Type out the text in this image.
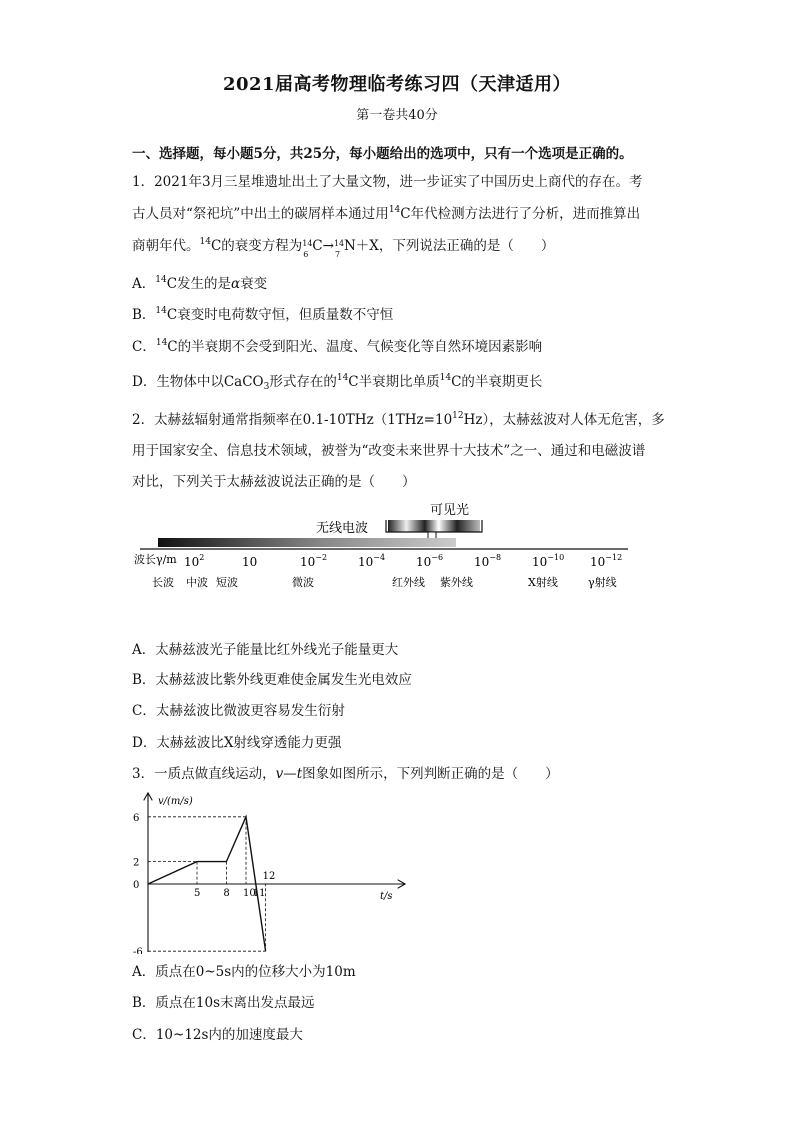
2021届高考物理临考练习四（天津适用）
第一卷共40分
一、选择题，每小题5分，共25分，每小题给出的选项中，只有一个选项是正确的。
1．2021年3月三星堆遗址出土了大量文物，进一步证实了中国历史上商代的存在。考
古人员对“祭祀坑”中出土的碳屑样本通过用$^{14}$C年代检测方法进行了分析，进而推算出
商朝年代。$^{14}$C的衰变方程为 14
6
C→ 14
7
N＋X，下列说法正确的是（　　）
A．$^{14}$C发生的是α衰变
B．$^{14}$C衰变时电荷数守恒，但质量数不守恒
C．$^{14}$C的半衰期不会受到阳光、温度、气候变化等自然环境因素影响
D．生物体中以CaCO$_3$形式存在的$^{14}$C半衰期比单质$^{14}$C的半衰期更长
2．太赫兹辐射通常指频率在$0.1-10THz(1THz=10^{12}Hz)$，太赫兹波对人体无危害，多
用于国家安全、信息技术领域，被誉为“改变未来世界十大技术”之一、通过和电磁波谱
对比，下列关于太赫兹波说法正确的是（　　）
可见光
无线电波
波长γ/m $10^2$	10	$10^{-2}$	$10^{-4}$	$10^{-6}$	$10^{-8}$	$10^{-10}$ $10^{-12}$
长波 中波 短波	微波	红外线 紫外线	X射线	γ射线
A．太赫兹波光子能量比红外线光子能量更大
B．太赫兹波比紫外线更难使金属发生光电效应
C．太赫兹波比微波更容易发生衍射
D．太赫兹波比X射线穿透能力更强
3．一质点做直线运动，v—t图象如图所示，下列判断正确的是（　　）
v/(m/s)
t/s
5 8 10
11
12
6
2
0
-6
A．质点在0~5s内的位移大小为10m
B．质点在10s末离出发点最远
C．10~12s内的加速度最大
